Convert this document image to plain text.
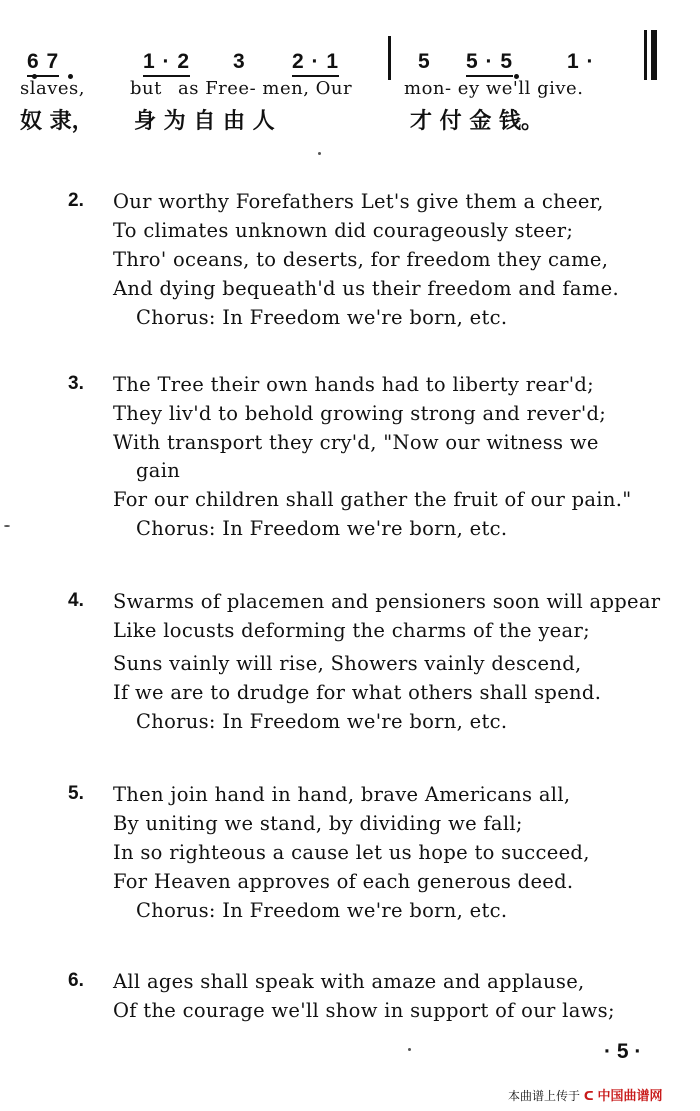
6 7	1 · 2 3 2 · 1	5 5 · 5	1 ·
slaves, but as Free- men, Our	mon- ey we'll give.
奴 隶， 身 为 自 由 人	才 付 金 钱。
2. Our worthy Forefathers Let's give them a cheer,
To climates unknown did courageously steer;
Thro' oceans, to deserts, for freedom they came,
And dying bequeath'd us their freedom and fame.
Chorus: In Freedom we're born, etc.
3. The Tree their own hands had to liberty rear'd;
They liv'd to behold growing strong and rever'd;
With transport they cry'd, "Now our witness we
gain
For our children shall gather the fruit of our pain."
Chorus: In Freedom we're born, etc.
4. Swarms of placemen and pensioners soon will appear
Like locusts deforming the charms of the year;
Suns vainly will rise, Showers vainly descend,
If we are to drudge for what others shall spend.
Chorus: In Freedom we're born, etc.
5. Then join hand in hand, brave Americans all,
By uniting we stand, by dividing we fall;
In so righteous a cause let us hope to succeed,
For Heaven approves of each generous deed.
Chorus: In Freedom we're born, etc.
6. All ages shall speak with amaze and applause,
Of the courage we'll show in support of our laws;
· 5 ·
本曲谱上传于 ᑕ 中国曲谱网
